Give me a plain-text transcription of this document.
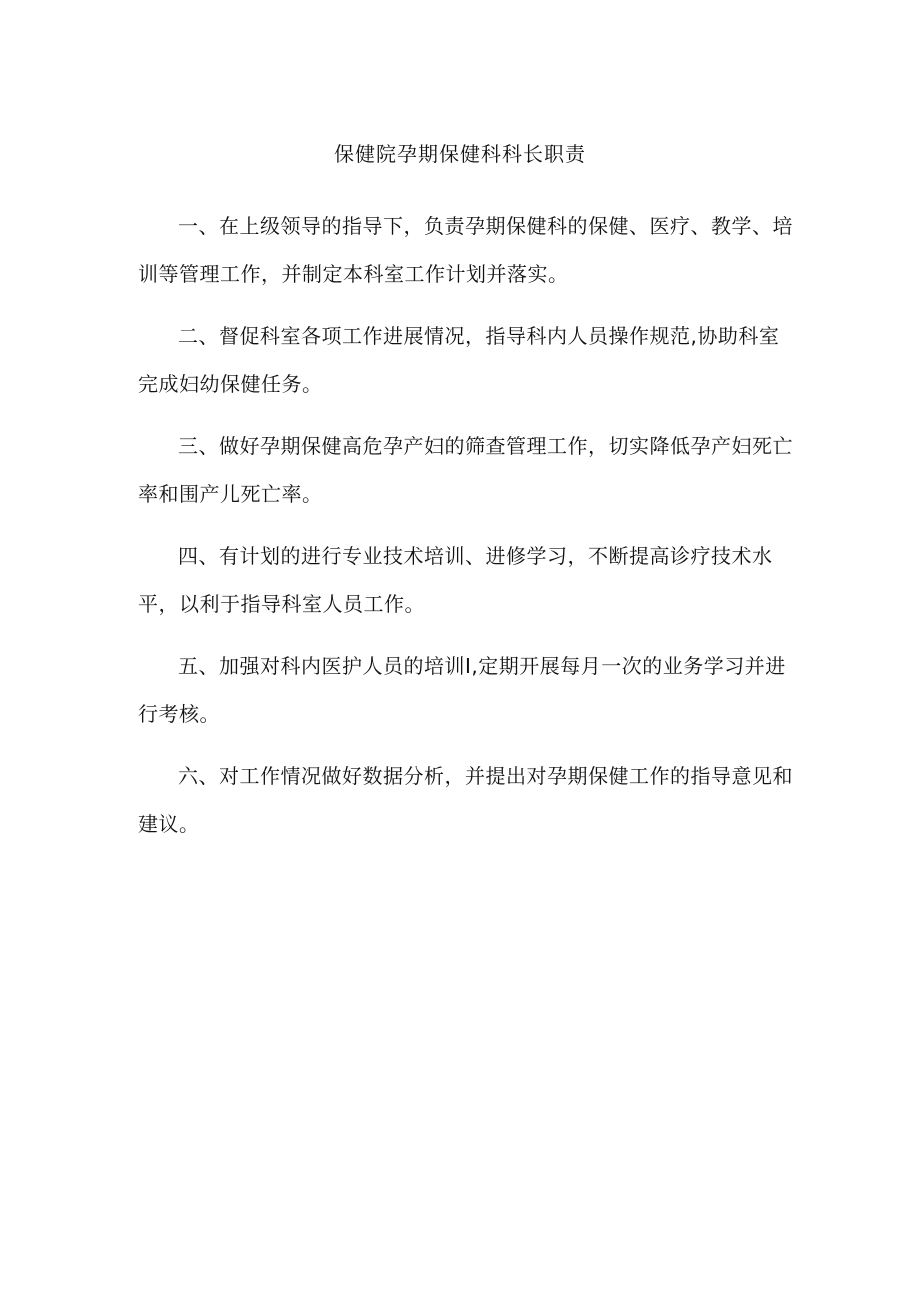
保健院孕期保健科科长职责

一、在上级领导的指导下，负责孕期保健科的保健、医疗、教学、培训等管理工作，并制定本科室工作计划并落实。

二、督促科室各项工作进展情况，指导科内人员操作规范,协助科室完成妇幼保健任务。

三、做好孕期保健高危孕产妇的筛查管理工作，切实降低孕产妇死亡率和围产儿死亡率。

四、有计划的进行专业技术培训、进修学习，不断提高诊疗技术水平，以利于指导科室人员工作。

五、加强对科内医护人员的培训I,定期开展每月一次的业务学习并进行考核。

六、对工作情况做好数据分析，并提出对孕期保健工作的指导意见和建议。
